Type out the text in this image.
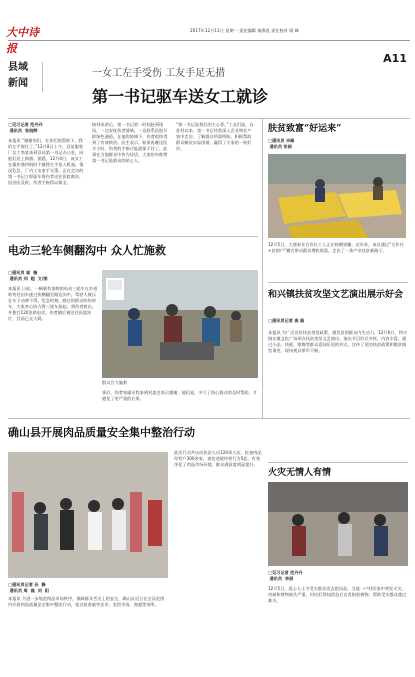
大中诗报
2017年12月11日 星期一 责任编辑 秦维选 责任校对 闻 峰
A11
县域
新闻
一女工左手受伤 工友手足无措
第一书记驱车送女工就诊
□见习记者 范丹丹
通讯员  张晓辉
本报讯 “谢谢你们，在你们的帮助下，我的左手保住了。”12月8日上午，县某服装厂女工李某来到县局第一书记办公室，向他们送上锦旗。据悉，12月4日，该女工在操作缝纫机时不慎将左手卷入机器，情况危急，厂内工友束手无策。正在走访的第一书记立即驱车将伤者送往医院救治，因送医及时，伤者手指得以保全。
接到求助后，第一书记第一时间赶到现场，一边安抚伤者情绪，一边联系医院开辟绿色通道。在他的协调下，伤者很快得到了有效救治。医生表示，如果再晚送医半小时，伤者的手指可能就保不住了。此事在当地群众中传为佳话，大家纷纷称赞第一书记是群众的贴心人。
“第一书记是我们的主心骨。”工友们说，自驻村以来，第一书记经常深入企业和农户家中走访，了解群众所需所盼，积极帮助群众解决实际困难，赢得了大家的一致好评。
肤贫致富“好运来”
□通讯员 宋峰
通讯员 张丽
12月5日，大唐果业合作社工人正在晾晒果脯。近年来，该县通过“合作社+贫困户”模式带动群众增收致富，走出了一条产业扶贫新路子。
电动三轮车侧翻沟中 众人忙施救
□通讯员 崔  楠
通讯员 刘  超  文/图
本报讯 日前，一辆载有货物的电动三轮车在乡道转弯处因车速过快侧翻至路边沟中，驾驶人被压在车下动弹不得。危急时刻，路过的群众纷纷停车，大家齐心协力将三轮车抬起，将伤者救出，并拨打120急救电话，伤者随后被送往医院治疗，目前已无大碍。
群众合力施救
事后，伤者家属专程来到村委会表示感谢。他们说，多亏了热心群众的及时帮助，才避免了更严重的后果。
和兴镇扶贫攻坚文艺演出展示好会
□通讯员记者 高 磊
本报讯 为广泛宣传扶贫攻坚政策，激发贫困群众内生动力，12月6日，和兴镇在镇文化广场举办扶贫攻坚文艺演出。演出节目形式多样，内容丰富，通过小品、快板、歌舞等群众喜闻乐见的形式，宣传了党的扶贫政策和脱贫典型事迹，现场观众掌声不断。
确山县开展肉品质量安全集中整治行动
□通讯员记者 孙  静
通讯员 周  磊  刘  阳
本报讯 为进一步规范肉品市场秩序，保障群众舌尖上的安全，确山县近日在全县范围内开展肉品质量安全集中整治行动，重点检查屠宰企业、农贸市场、商超等场所。
此次行动共出动执法人员120余人次，检查肉品经营户300余家，查处违规经营行为5起，有效净化了肉品市场环境，群众满意度明显提升。
火灾无情人有情
□见习记者 范丹丹
通讯员  李丽
12月5日，爱心人士为受灾群众送去慰问品。当地一户村民家中突发火灾，房屋和财物损失严重，村民们得知消息后自发捐款捐物，帮助受灾群众渡过难关。
